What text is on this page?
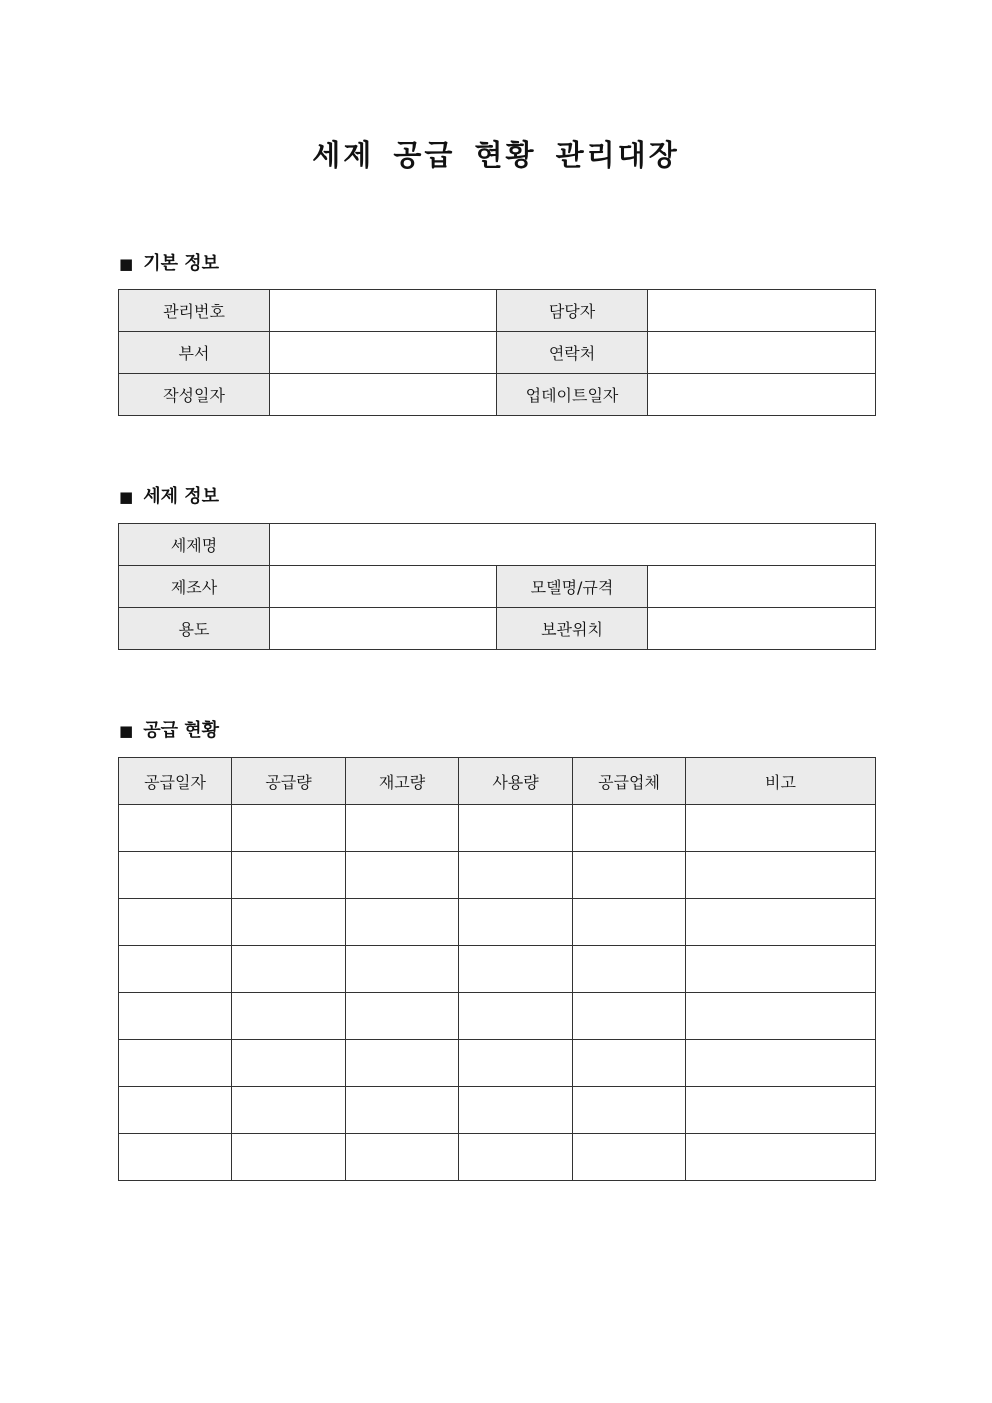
세제 공급 현황 관리대장
■ 기본 정보
관리번호		담당자	
부서		연락처	
작성일자		업데이트일자	
■ 세제 정보
세제명			
제조사		모델명/규격	
용도		보관위치	
■ 공급 현황
공급일자	공급량	재고량	사용량	공급업체	비고
